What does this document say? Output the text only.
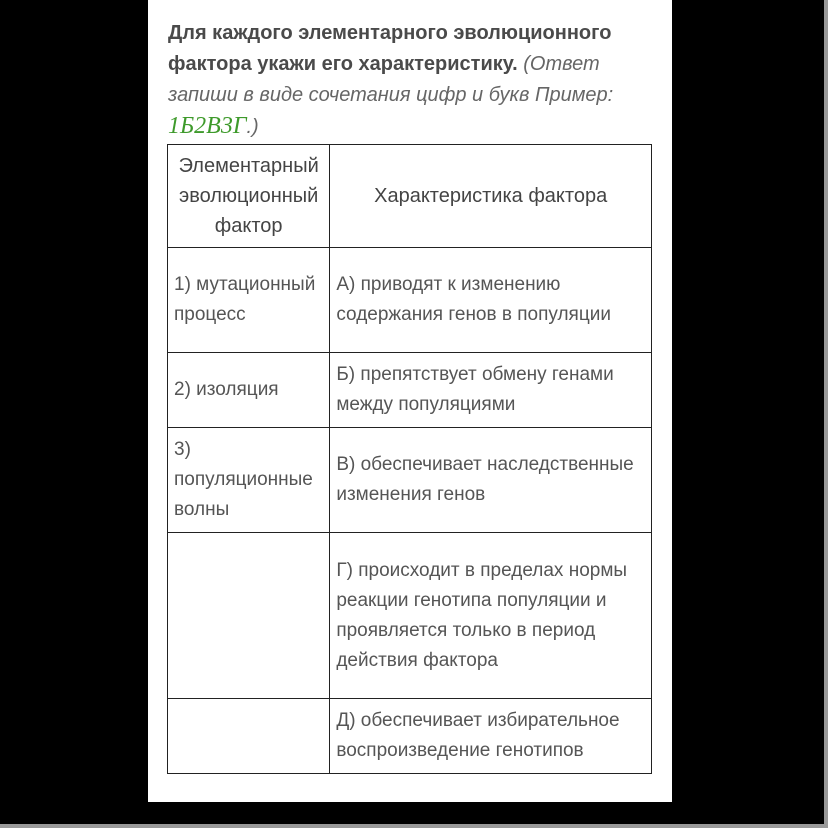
Для каждого элементарного эволюционного фактора укажи его характеристику. (Ответ запиши в виде сочетания цифр и букв Пример: 1Б2В3Г.)
Элементарный эволюционный фактор	Характеристика фактора
1) мутационный процесс	А) приводят к изменению содержания генов в популяции
2) изоляция	Б) препятствует обмену генами между популяциями
3) популяционные волны	В) обеспечивает наследственные изменения генов
	Г) происходит в пределах нормы реакции генотипа популяции и проявляется только в период действия фактора
	Д) обеспечивает избирательное воспроизведение генотипов
